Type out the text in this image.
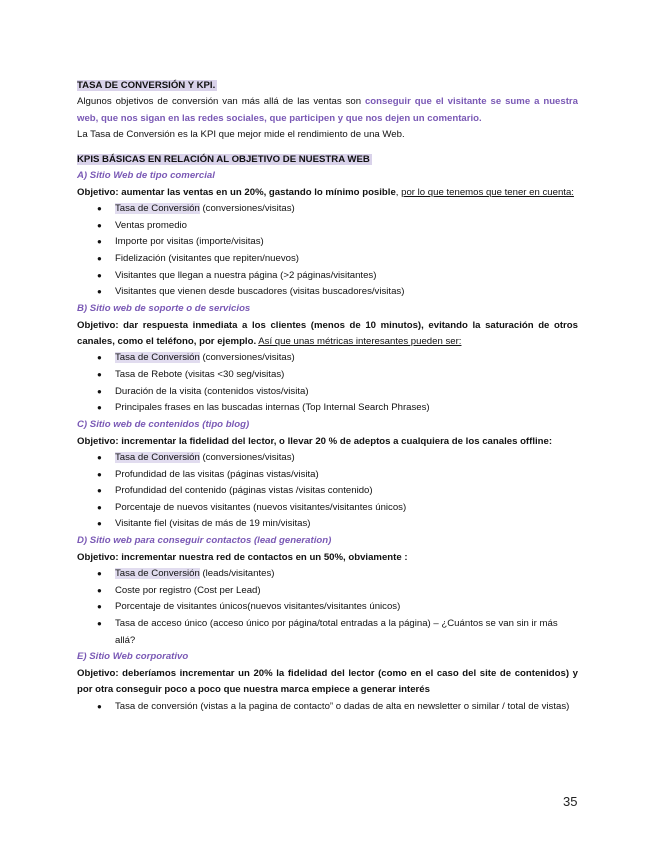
TASA DE CONVERSIÓN Y KPI.

Algunos objetivos de conversión van más allá de las ventas son conseguir que el visitante se sume a nuestra web, que nos sigan en las redes sociales, que participen y que nos dejen un comentario.

La Tasa de Conversión es la KPI que mejor mide el rendimiento de una Web.

KPIS BÁSICAS EN RELACIÓN AL OBJETIVO DE NUESTRA WEB

A) Sitio Web de tipo comercial

Objetivo: aumentar las ventas en un 20%, gastando lo mínimo posible, por lo que tenemos que tener en cuenta:

● Tasa de Conversión (conversiones/visitas)
● Ventas promedio
● Importe por visitas (importe/visitas)
● Fidelización (visitantes que repiten/nuevos)
● Visitantes que llegan a nuestra página (>2 páginas/visitantes)
● Visitantes que vienen desde buscadores (visitas buscadores/visitas)

B) Sitio web de soporte o de servicios

Objetivo: dar respuesta inmediata a los clientes (menos de 10 minutos), evitando la saturación de otros canales, como el teléfono, por ejemplo. Así que unas métricas interesantes pueden ser:

● Tasa de Conversión (conversiones/visitas)
● Tasa de Rebote (visitas <30 seg/visitas)
● Duración de la visita (contenidos vistos/visita)
● Principales frases en las buscadas internas (Top Internal Search Phrases)

C) Sitio web de contenidos (tipo blog)

Objetivo: incrementar la fidelidad del lector, o llevar 20 % de adeptos a cualquiera de los canales offline:

● Tasa de Conversión (conversiones/visitas)
● Profundidad de las visitas (páginas vistas/visita)
● Profundidad del contenido (páginas vistas /visitas contenido)
● Porcentaje de nuevos visitantes (nuevos visitantes/visitantes únicos)
● Visitante fiel (visitas de más de 19 min/visitas)

D) Sitio web para conseguir contactos (lead generation)

Objetivo: incrementar nuestra red de contactos en un 50%, obviamente :

● Tasa de Conversión (leads/visitantes)
● Coste por registro (Cost per Lead)
● Porcentaje de visitantes únicos(nuevos visitantes/visitantes únicos)
● Tasa de acceso único (acceso único por página/total entradas a la página) – ¿Cuántos se van sin ir más allá?

E) Sitio Web corporativo

Objetivo: deberíamos incrementar un 20% la fidelidad del lector (como en el caso del site de contenidos) y por otra conseguir poco a poco que nuestra marca empiece a generar interés

● Tasa de conversión (vistas a la pagina de contacto” o dadas de alta en newsletter o similar / total de vistas)
35
